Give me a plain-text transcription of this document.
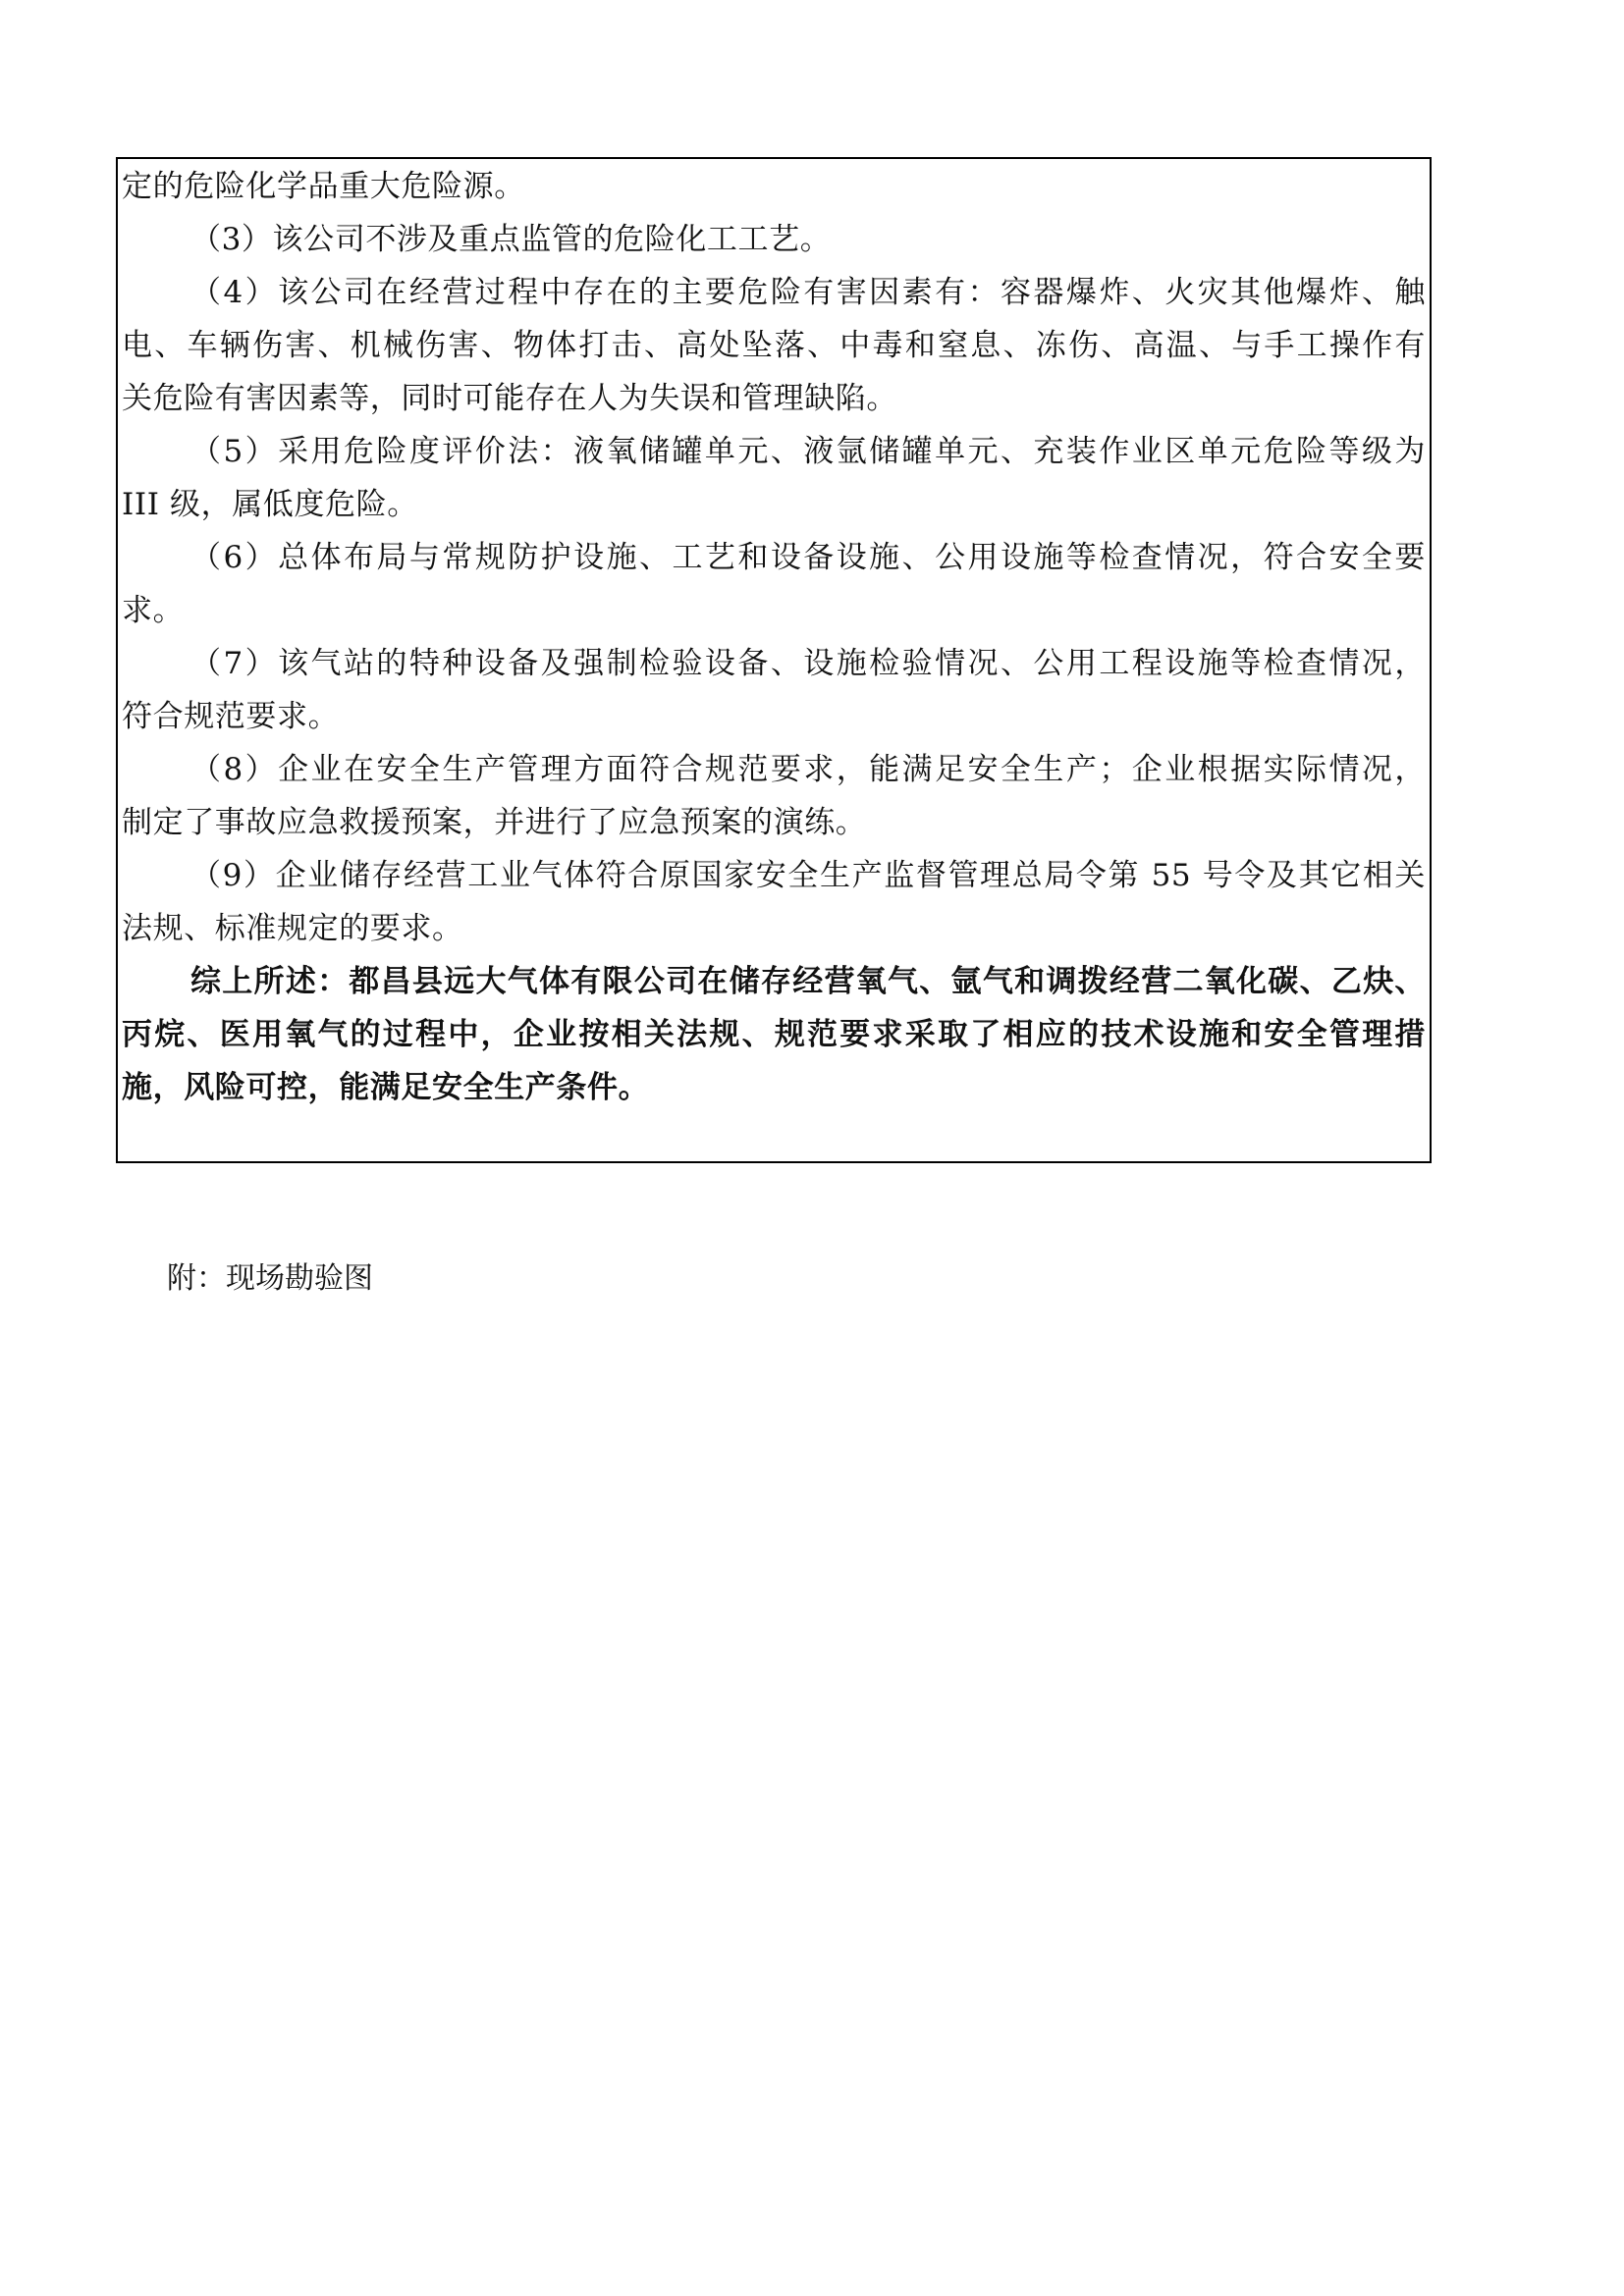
定的危险化学品重大危险源。
（3）该公司不涉及重点监管的危险化工工艺。
（4）该公司在经营过程中存在的主要危险有害因素有：容器爆炸、火灾其他爆炸、触
电、车辆伤害、机械伤害、物体打击、高处坠落、中毒和窒息、冻伤、高温、与手工操作有
关危险有害因素等，同时可能存在人为失误和管理缺陷。
（5）采用危险度评价法：液氧储罐单元、液氩储罐单元、充装作业区单元危险等级为
III 级，属低度危险。
（6）总体布局与常规防护设施、工艺和设备设施、公用设施等检查情况，符合安全要
求。
（7）该气站的特种设备及强制检验设备、设施检验情况、公用工程设施等检查情况，
符合规范要求。
（8）企业在安全生产管理方面符合规范要求，能满足安全生产；企业根据实际情况，
制定了事故应急救援预案，并进行了应急预案的演练。
（9）企业储存经营工业气体符合原国家安全生产监督管理总局令第 55 号令及其它相关
法规、标准规定的要求。
综上所述：都昌县远大气体有限公司在储存经营氧气、氩气和调拨经营二氧化碳、乙炔、
丙烷、医用氧气的过程中，企业按相关法规、规范要求采取了相应的技术设施和安全管理措
施，风险可控，能满足安全生产条件。
附：现场勘验图
